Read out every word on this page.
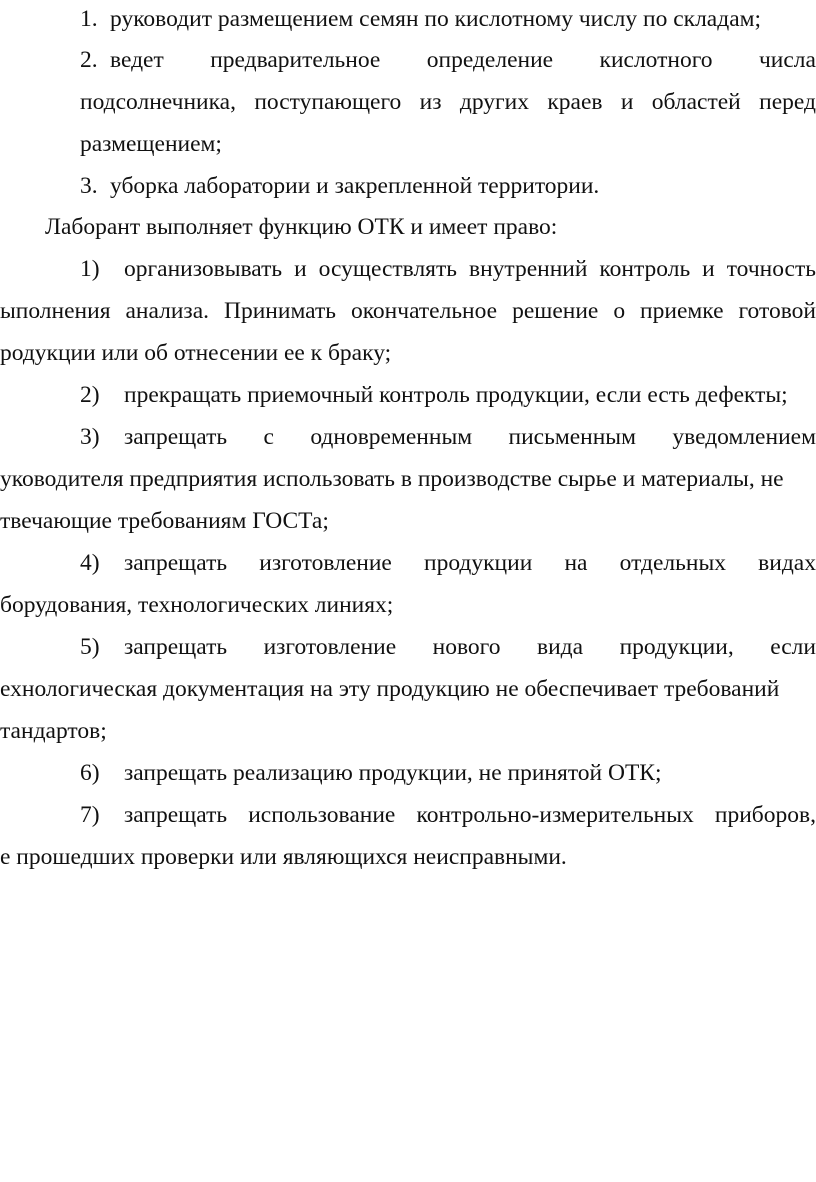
1. руководит размещением семян по кислотному числу по складам;
2. ведет предварительное определение кислотного числа
подсолнечника, поступающего из других краев и областей перед
размещением;
3. уборка лаборатории и закрепленной территории.
Лаборант выполняет функцию ОТК и имеет право:
1) организовывать и осуществлять внутренний контроль и точность
ыполнения анализа. Принимать окончательное решение о приемке готовой
родукции или об отнесении ее к браку;
2) прекращать приемочный контроль продукции, если есть дефекты;
3) запрещать с одновременным письменным уведомлением
уководителя предприятия использовать в производстве сырье и материалы, не
твечающие требованиям ГОСТа;
4) запрещать изготовление продукции на отдельных видах
борудования, технологических линиях;
5) запрещать изготовление нового вида продукции, если
ехнологическая документация на эту продукцию не обеспечивает требований
тандартов;
6) запрещать реализацию продукции, не принятой ОТК;
7) запрещать использование контрольно-измерительных приборов,
е прошедших проверки или являющихся неисправными.
